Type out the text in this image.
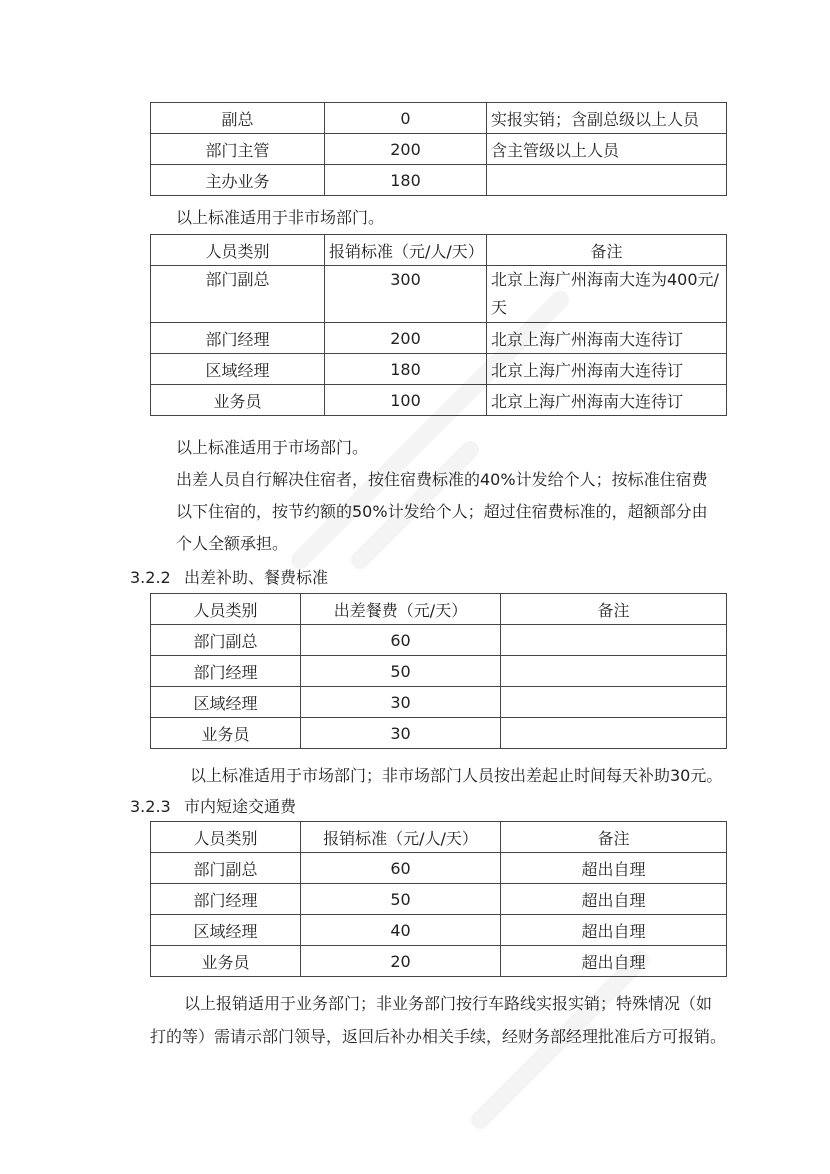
副总	0	实报实销；含副总级以上人员
部门主管	200	含主管级以上人员
主办业务	180	

以上标准适用于非市场部门。

人员类别	报销标准（元/人/天）	备注
部门副总	300	北京上海广州海南大连为400元/天
部门经理	200	北京上海广州海南大连待订
区域经理	180	北京上海广州海南大连待订
业务员	100	北京上海广州海南大连待订

以上标准适用于市场部门。

出差人员自行解决住宿者，按住宿费标准的40%计发给个人；按标准住宿费

以下住宿的，按节约额的50%计发给个人；超过住宿费标准的，超额部分由

个人全额承担。

3.2.2 出差补助、餐费标准
人员类别	出差餐费（元/天）	备注
部门副总	60	
部门经理	50	
区域经理	30	
业务员	30	

以上标准适用于市场部门；非市场部门人员按出差起止时间每天补助30元。

3.2.3 市内短途交通费
人员类别	报销标准（元/人/天）	备注
部门副总	60	超出自理
部门经理	50	超出自理
区域经理	40	超出自理
业务员	20	超出自理

以上报销适用于业务部门；非业务部门按行车路线实报实销；特殊情况（如

打的等）需请示部门领导，返回后补办相关手续，经财务部经理批准后方可报销。
